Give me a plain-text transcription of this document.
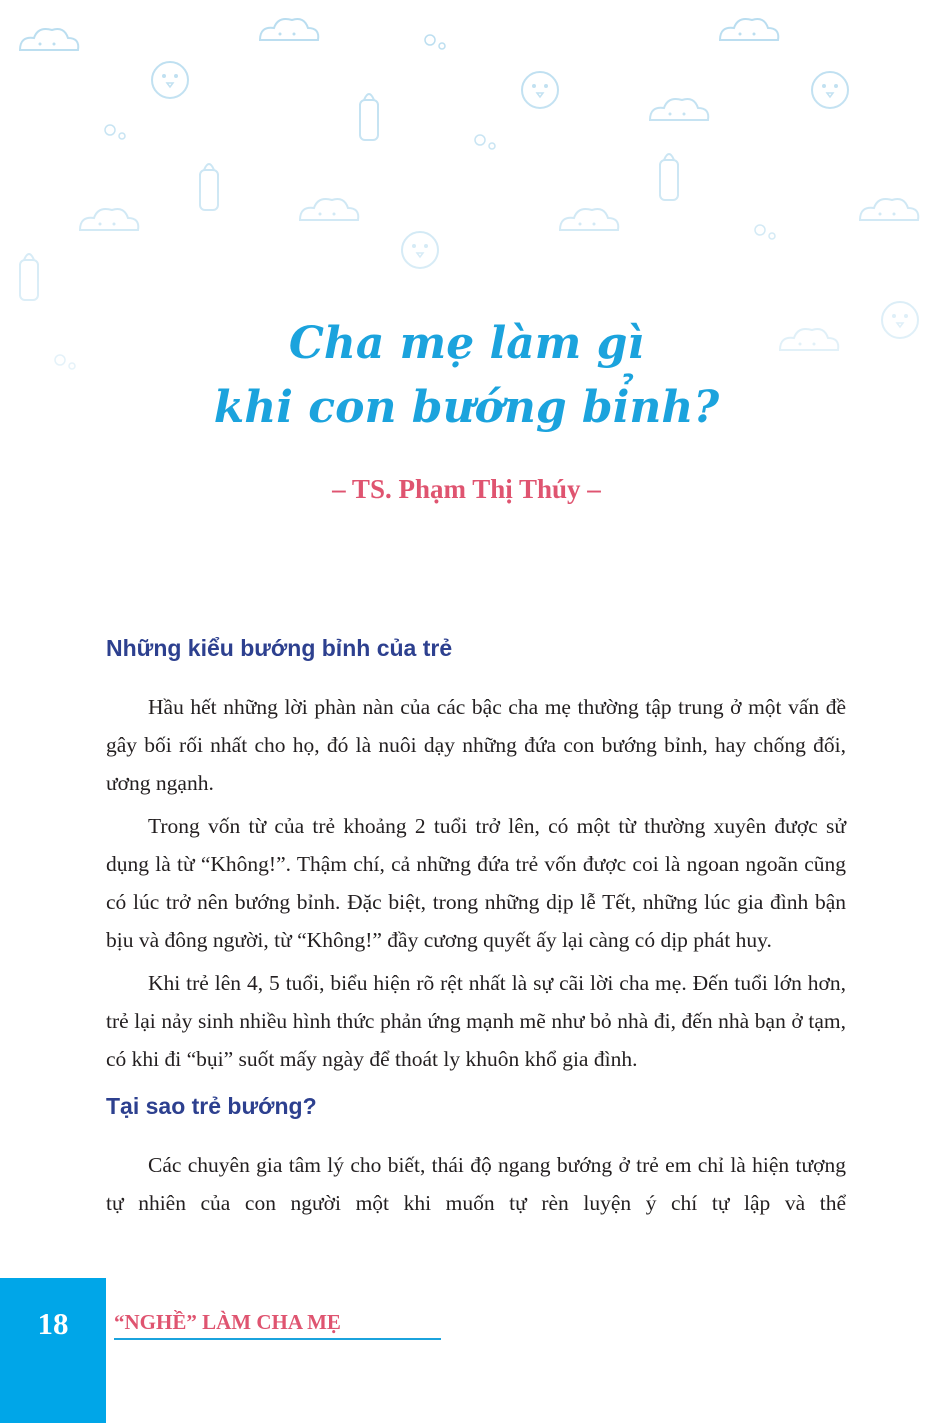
Cha mẹ làm gì
khi con bướng bỉnh?
– TS. Phạm Thị Thúy –
Những kiểu bướng bỉnh của trẻ

Hầu hết những lời phàn nàn của các bậc cha mẹ thường tập trung ở một vấn đề gây bối rối nhất cho họ, đó là nuôi dạy những đứa con bướng bỉnh, hay chống đối, ương ngạnh.

Trong vốn từ của trẻ khoảng 2 tuổi trở lên, có một từ thường xuyên được sử dụng là từ “Không!”. Thậm chí, cả những đứa trẻ vốn được coi là ngoan ngoãn cũng có lúc trở nên bướng bỉnh. Đặc biệt, trong những dịp lễ Tết, những lúc gia đình bận bịu và đông người, từ “Không!” đầy cương quyết ấy lại càng có dịp phát huy.

Khi trẻ lên 4, 5 tuổi, biểu hiện rõ rệt nhất là sự cãi lời cha mẹ. Đến tuổi lớn hơn, trẻ lại nảy sinh nhiều hình thức phản ứng mạnh mẽ như bỏ nhà đi, đến nhà bạn ở tạm, có khi đi “bụi” suốt mấy ngày để thoát ly khuôn khổ gia đình.

Tại sao trẻ bướng?

Các chuyên gia tâm lý cho biết, thái độ ngang bướng ở trẻ em chỉ là hiện tượng tự nhiên của con người một khi muốn tự rèn luyện ý chí tự lập và thể

18	“NGHỀ” LÀM CHA MẸ
